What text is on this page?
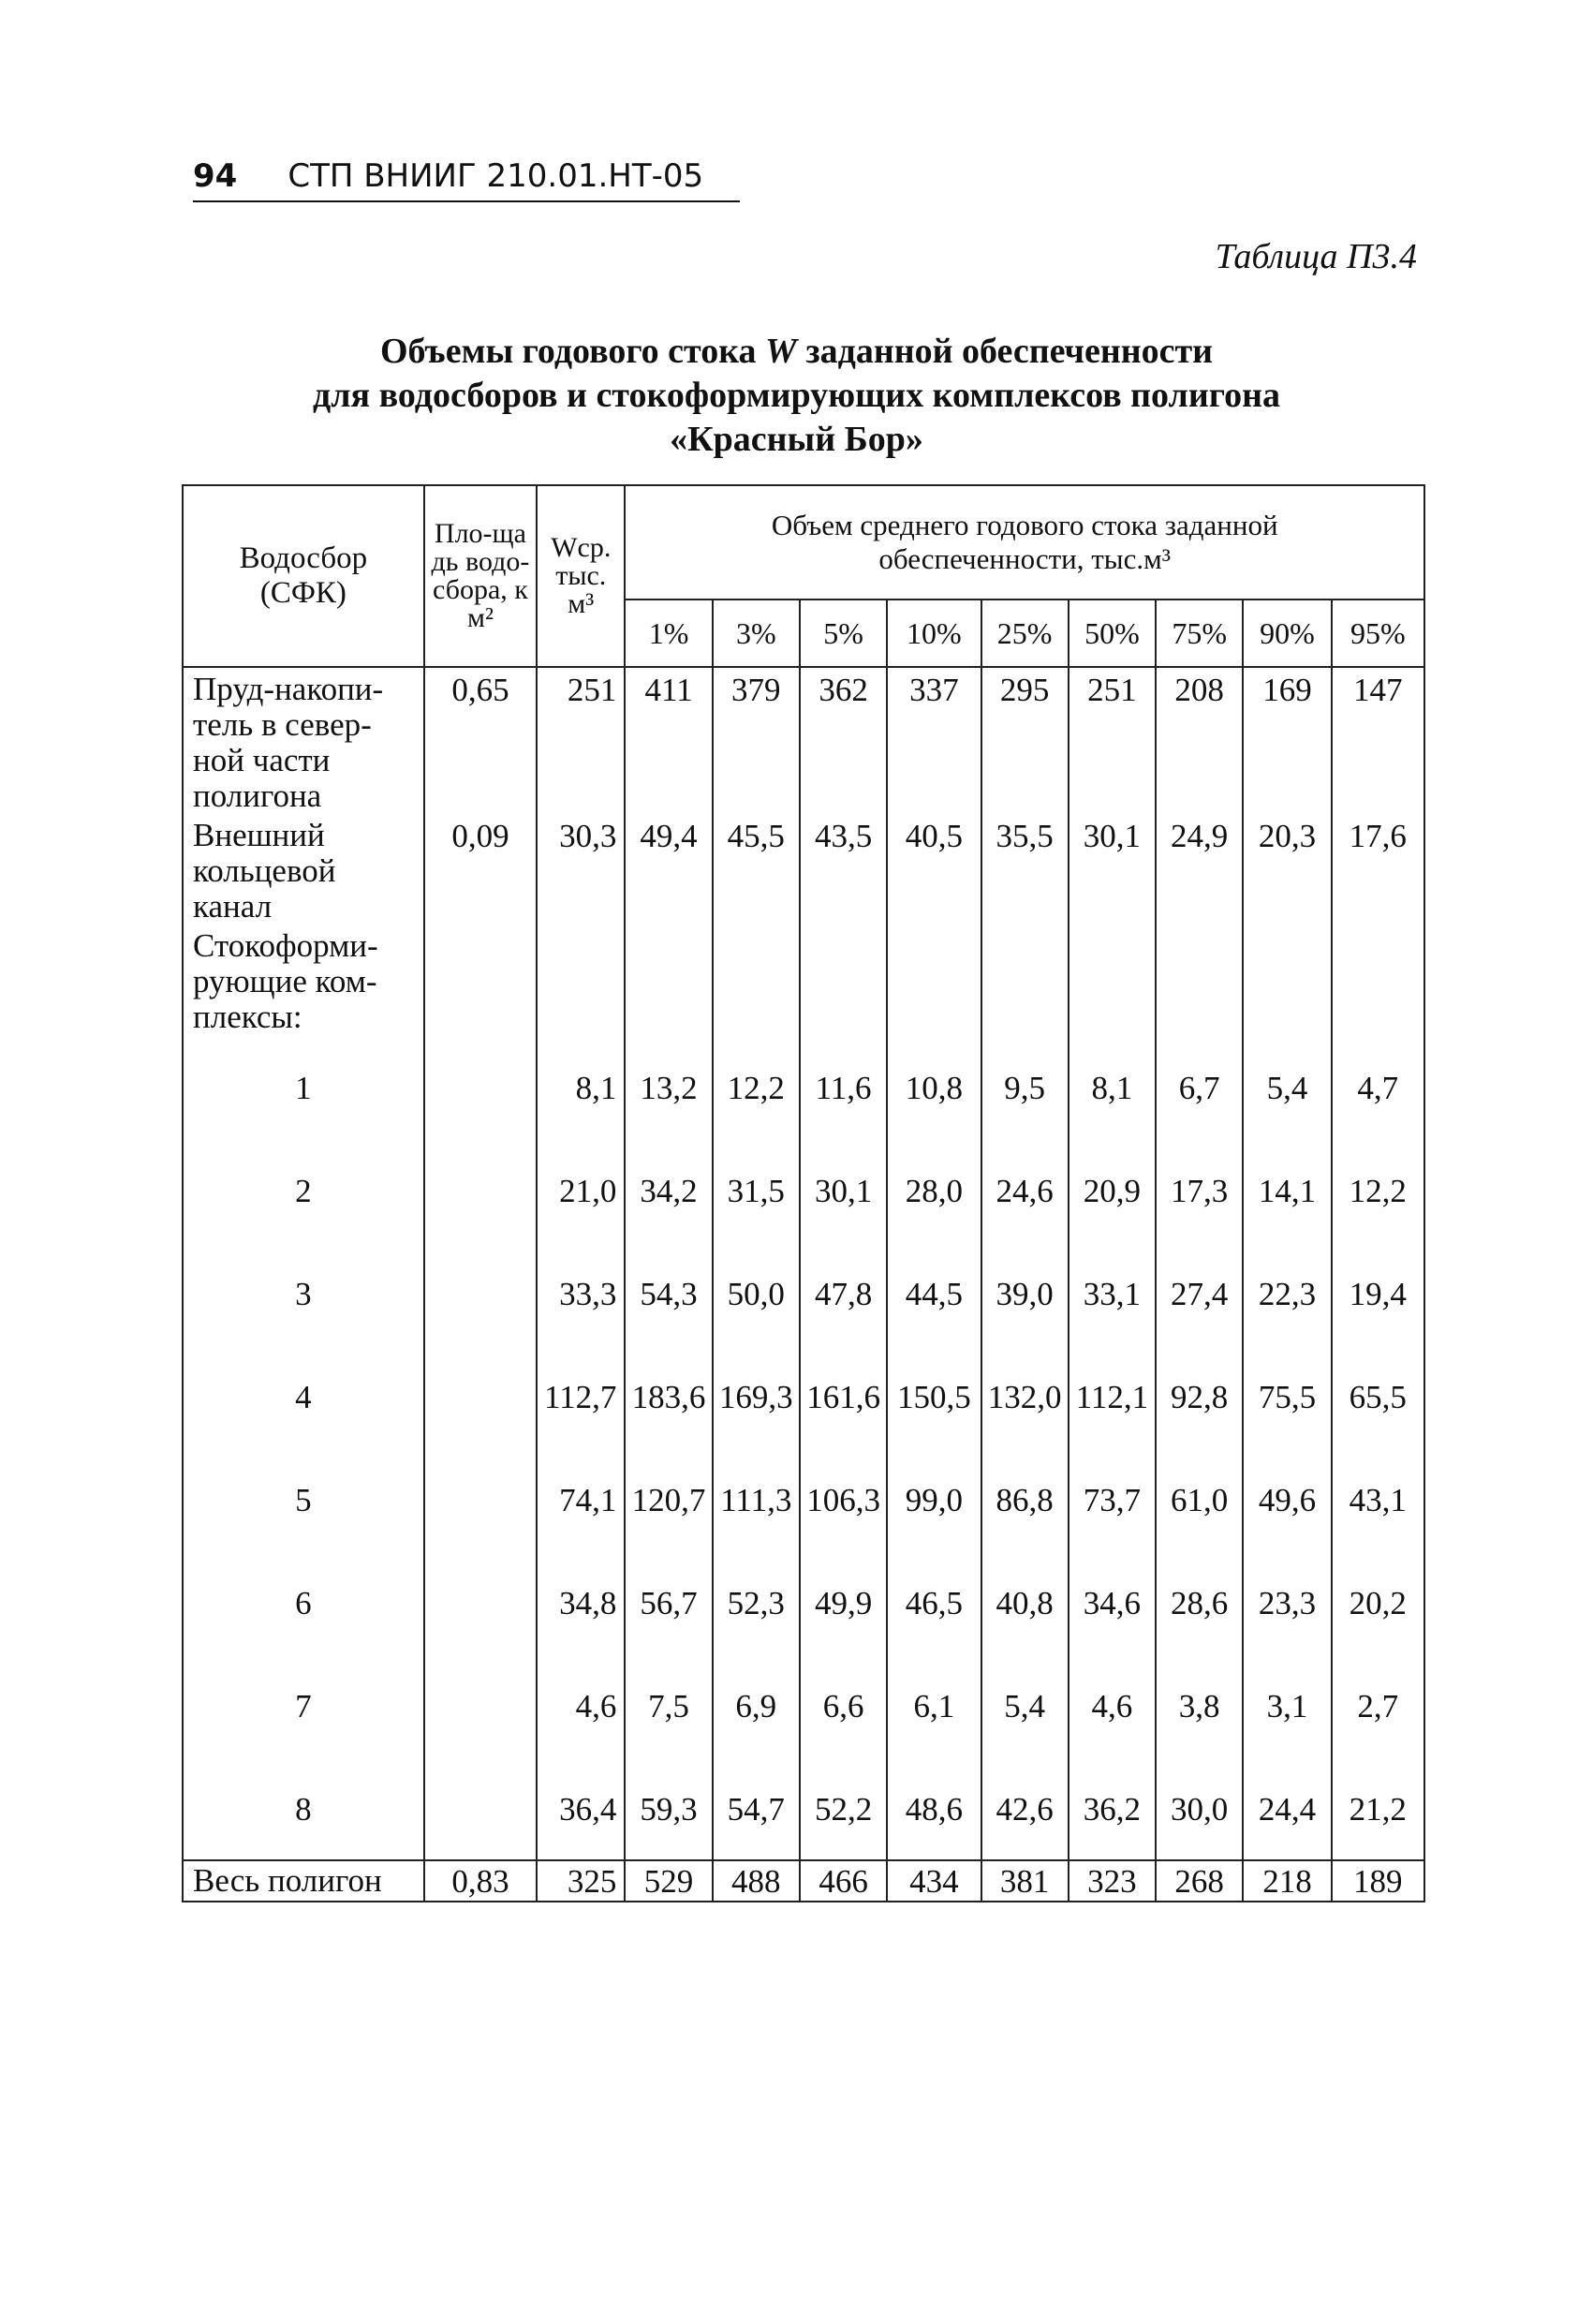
94 СТП ВНИИГ 210.01.НТ-05
Таблица П3.4
Объемы годового стока W заданной обеспеченности
для водосборов и стокоформирующих комплексов полигона
«Красный Бор»
Водосбор (СФК)	Пло-щадь водо-сбора, км²	Wср. тыс. м³	Объем среднего годового стока заданной обеспеченности, тыс.м³								
			1%	3%	5%	10%	25%	50%	75%	90%	95%
Пруд-накопи-тель в север-ной части полигона	0,65	251	411	379	362	337	295	251	208	169	147
Внешний кольцевой канал	0,09	30,3	49,4	45,5	43,5	40,5	35,5	30,1	24,9	20,3	17,6
Стокоформи-рующие ком-плексы:											
1		8,1	13,2	12,2	11,6	10,8	9,5	8,1	6,7	5,4	4,7
2		21,0	34,2	31,5	30,1	28,0	24,6	20,9	17,3	14,1	12,2
3		33,3	54,3	50,0	47,8	44,5	39,0	33,1	27,4	22,3	19,4
4		112,7	183,6	169,3	161,6	150,5	132,0	112,1	92,8	75,5	65,5
5		74,1	120,7	111,3	106,3	99,0	86,8	73,7	61,0	49,6	43,1
6		34,8	56,7	52,3	49,9	46,5	40,8	34,6	28,6	23,3	20,2
7		4,6	7,5	6,9	6,6	6,1	5,4	4,6	3,8	3,1	2,7
8		36,4	59,3	54,7	52,2	48,6	42,6	36,2	30,0	24,4	21,2
Весь полигон	0,83	325	529	488	466	434	381	323	268	218	189
